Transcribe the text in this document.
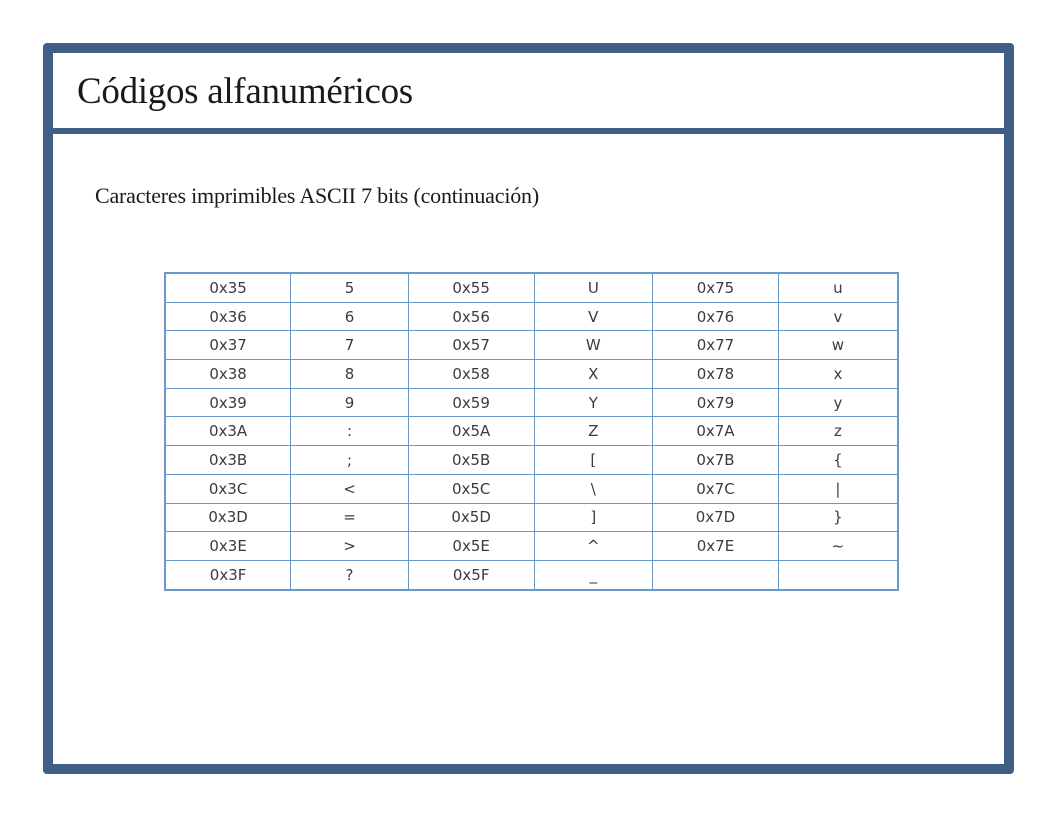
Códigos alfanuméricos

Caracteres imprimibles ASCII 7 bits (continuación)

0x35	5	0x55	U	0x75	u
0x36	6	0x56	V	0x76	v
0x37	7	0x57	W	0x77	w
0x38	8	0x58	X	0x78	x
0x39	9	0x59	Y	0x79	y
0x3A	:	0x5A	Z	0x7A	z
0x3B	;	0x5B	[	0x7B	{
0x3C	<	0x5C	\	0x7C	|
0x3D	=	0x5D	]	0x7D	}
0x3E	>	0x5E	^	0x7E	~
0x3F	?	0x5F	_		
